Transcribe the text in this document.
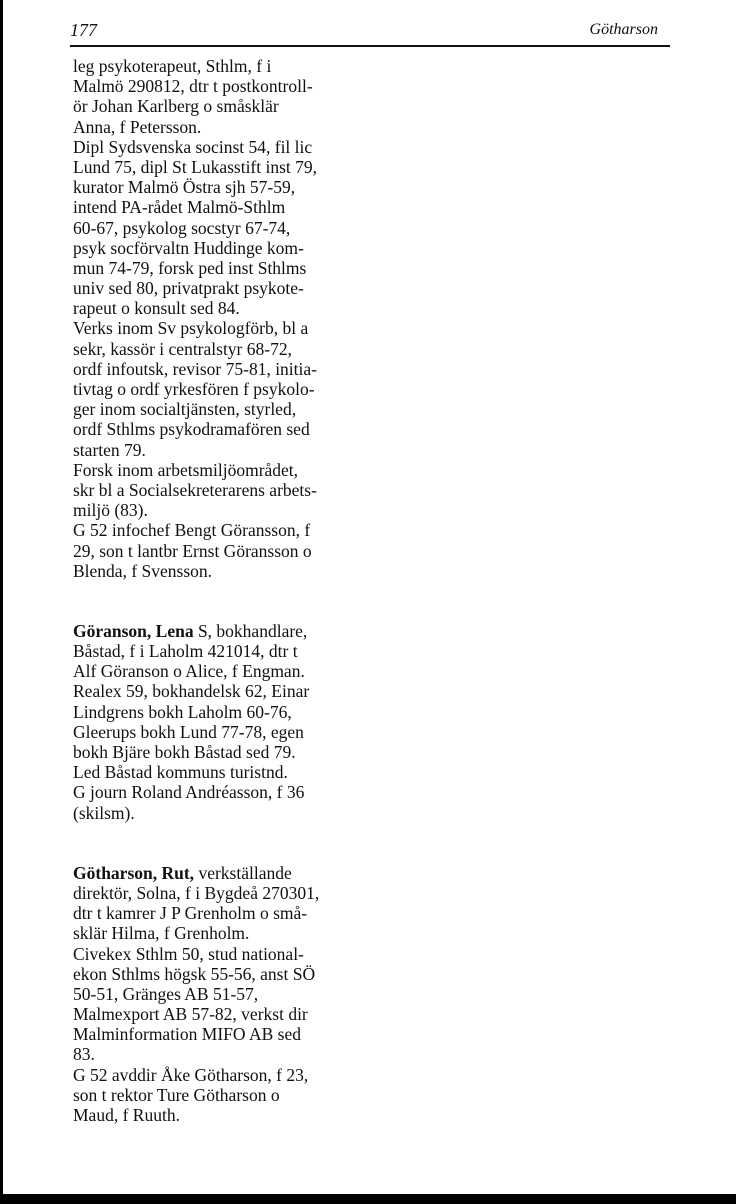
177	Götharson
leg psykoterapeut, Sthlm, f i
Malmö 290812, dtr t postkontroll-
ör Johan Karlberg o småsklär
Anna, f Petersson.
Dipl Sydsvenska socinst 54, fil lic
Lund 75, dipl St Lukasstift inst 79,
kurator Malmö Östra sjh 57-59,
intend PA-rådet Malmö-Sthlm
60-67, psykolog socstyr 67-74,
psyk socförvaltn Huddinge kom-
mun 74-79, forsk ped inst Sthlms
univ sed 80, privatprakt psykote-
rapeut o konsult sed 84.
Verks inom Sv psykologförb, bl a
sekr, kassör i centralstyr 68-72,
ordf infoutsk, revisor 75-81, initia-
tivtag o ordf yrkesfören f psykolo-
ger inom socialtjänsten, styrled,
ordf Sthlms psykodramafören sed
starten 79.
Forsk inom arbetsmiljöområdet,
skr bl a Socialsekreterarens arbets-
miljö (83).
G 52 infochef Bengt Göransson, f
29, son t lantbr Ernst Göransson o
Blenda, f Svensson.
Göranson, Lena S, bokhandlare,
Båstad, f i Laholm 421014, dtr t
Alf Göranson o Alice, f Engman.
Realex 59, bokhandelsk 62, Einar
Lindgrens bokh Laholm 60-76,
Gleerups bokh Lund 77-78, egen
bokh Bjäre bokh Båstad sed 79.
Led Båstad kommuns turistnd.
G journ Roland Andréasson, f 36
(skilsm).
Götharson, Rut, verkställande
direktör, Solna, f i Bygdeå 270301,
dtr t kamrer J P Grenholm o små-
sklär Hilma, f Grenholm.
Civekex Sthlm 50, stud national-
ekon Sthlms högsk 55-56, anst SÖ
50-51, Gränges AB 51-57,
Malmexport AB 57-82, verkst dir
Malminformation MIFO AB sed
83.
G 52 avddir Åke Götharson, f 23,
son t rektor Ture Götharson o
Maud, f Ruuth.
